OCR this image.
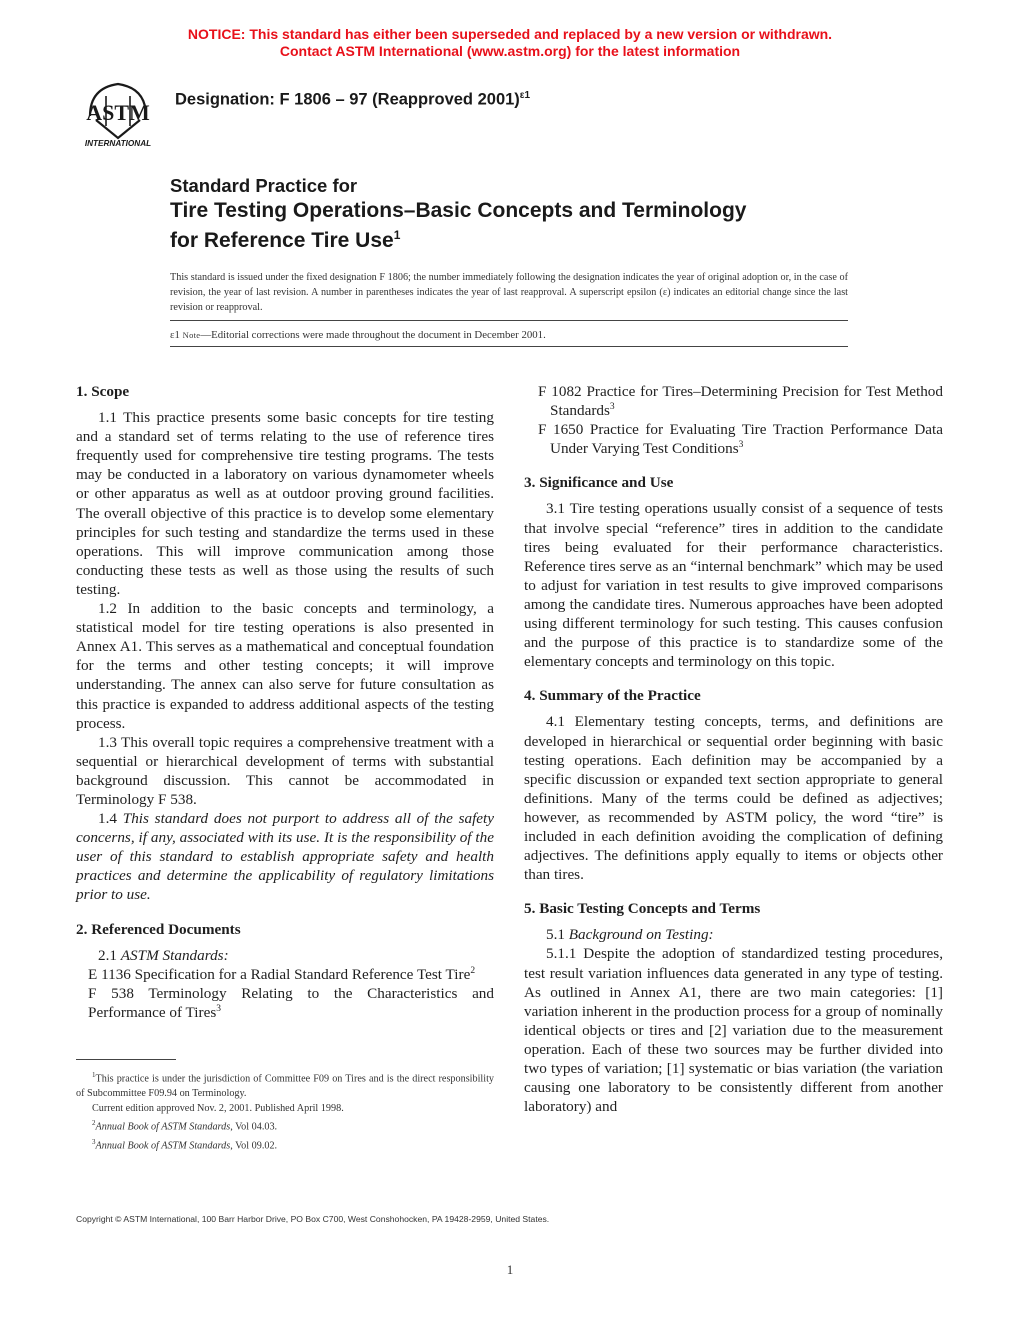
NOTICE: This standard has either been superseded and replaced by a new version or withdrawn.
Contact ASTM International (www.astm.org) for the latest information
ASTM
INTERNATIONAL
Designation: F 1806 – 97 (Reapproved 2001)$^{\varepsilon 1}$
Standard Practice for
Tire Testing Operations–Basic Concepts and Terminology
for Reference Tire Use$^1$
This standard is issued under the fixed designation F 1806; the number immediately following the designation indicates the year of original adoption or, in the case of revision, the year of last revision. A number in parentheses indicates the year of last reapproval. A superscript epsilon (ε) indicates an editorial change since the last revision or reapproval.
ε1 Note—Editorial corrections were made throughout the document in December 2001.
1. Scope

1.1 This practice presents some basic concepts for tire testing and a standard set of terms relating to the use of reference tires frequently used for comprehensive tire testing programs. The tests may be conducted in a laboratory on various dynamometer wheels or other apparatus as well as at outdoor proving ground facilities. The overall objective of this practice is to develop some elementary principles for such testing and standardize the terms used in these operations. This will improve communication among those conducting these tests as well as those using the results of such testing.

1.2 In addition to the basic concepts and terminology, a statistical model for tire testing operations is also presented in Annex A1. This serves as a mathematical and conceptual foundation for the terms and other testing concepts; it will improve understanding. The annex can also serve for future consultation as this practice is expanded to address additional aspects of the testing process.

1.3 This overall topic requires a comprehensive treatment with a sequential or hierarchical development of terms with substantial background discussion. This cannot be accommodated in Terminology F 538.

1.4 This standard does not purport to address all of the safety concerns, if any, associated with its use. It is the responsibility of the user of this standard to establish appropriate safety and health practices and determine the applicability of regulatory limitations prior to use.

2. Referenced Documents

2.1 ASTM Standards:

E 1136 Specification for a Radial Standard Reference Test Tire$^2$

F 538 Terminology Relating to the Characteristics and Performance of Tires$^3$

F 1082 Practice for Tires–Determining Precision for Test Method Standards$^3$

F 1650 Practice for Evaluating Tire Traction Performance Data Under Varying Test Conditions$^3$

3. Significance and Use

3.1 Tire testing operations usually consist of a sequence of tests that involve special “reference” tires in addition to the candidate tires being evaluated for their performance characteristics. Reference tires serve as an “internal benchmark” which may be used to adjust for variation in test results to give improved comparisons among the candidate tires. Numerous approaches have been adopted using different terminology for such testing. This causes confusion and the purpose of this practice is to standardize some of the elementary concepts and terminology on this topic.

4. Summary of the Practice

4.1 Elementary testing concepts, terms, and definitions are developed in hierarchical or sequential order beginning with basic testing operations. Each definition may be accompanied by a specific discussion or expanded text section appropriate to general definitions. Many of the terms could be defined as adjectives; however, as recommended by ASTM policy, the word “tire” is included in each definition avoiding the complication of defining adjectives. The definitions apply equally to items or objects other than tires.

5. Basic Testing Concepts and Terms

5.1 Background on Testing:

5.1.1 Despite the adoption of standardized testing procedures, test result variation influences data generated in any type of testing. As outlined in Annex A1, there are two main categories: [1] variation inherent in the production process for a group of nominally identical objects or tires and [2] variation due to the measurement operation. Each of these two sources may be further divided into two types of variation; [1] systematic or bias variation (the variation causing one laboratory to be consistently different from another laboratory) and

$^1$This practice is under the jurisdiction of Committee F09 on Tires and is the direct responsibility of Subcommittee F09.94 on Terminology.

Current edition approved Nov. 2, 2001. Published April 1998.

$^2$Annual Book of ASTM Standards, Vol 04.03.

$^3$Annual Book of ASTM Standards, Vol 09.02.

Copyright © ASTM International, 100 Barr Harbor Drive, PO Box C700, West Conshohocken, PA 19428-2959, United States.
1
